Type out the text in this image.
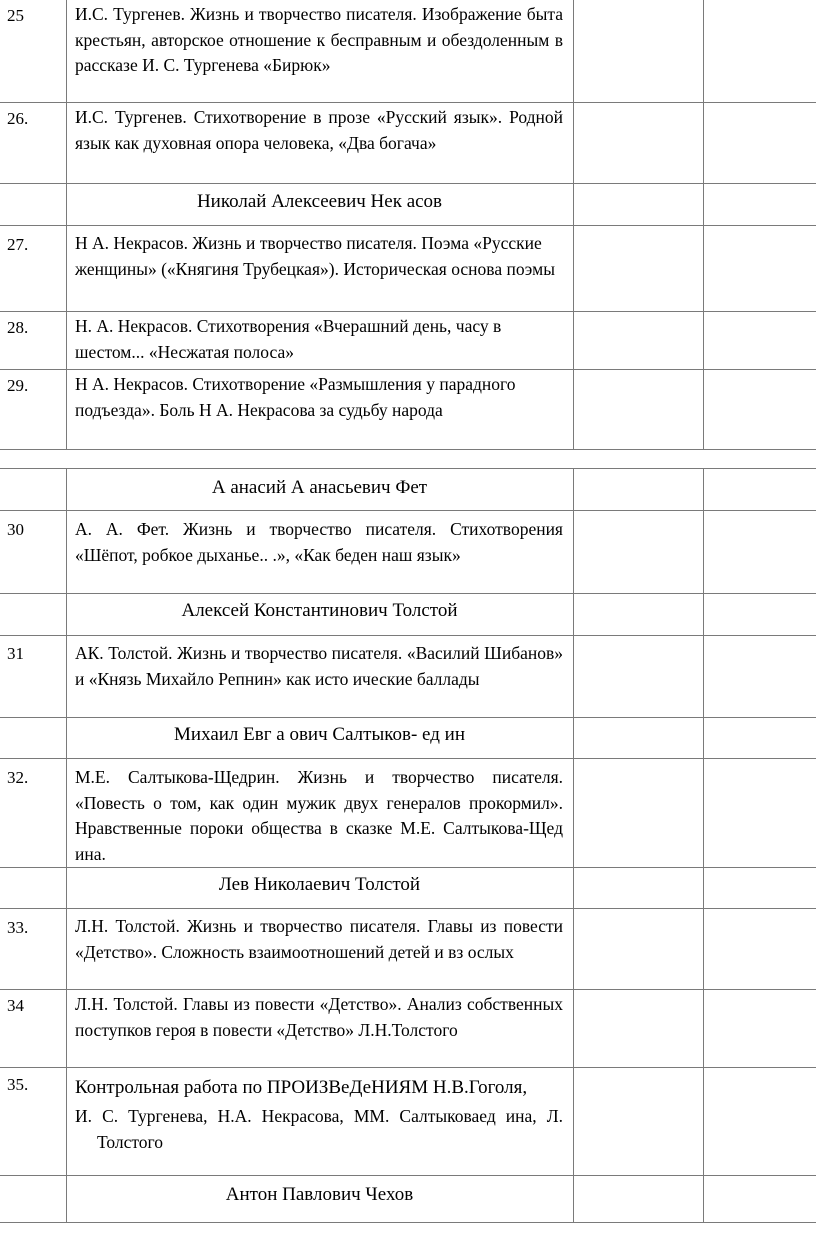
25	И.С. Тургенев. Жизнь и творчество писателя. Изображение быта крестьян, авторское отношение к бесправным и обездоленным в рассказе И. С. Тургенева «Бирюк»
26.	И.С. Тургенев. Стихотворение в прозе «Русский язык». Родной язык как духовная опора человека, «Два богача»
Николай Алексеевич Нек асов
27.	Н А. Некрасов. Жизнь и творчество писателя. Поэма «Русские женщины» («Княгиня Трубецкая»). Историческая основа поэмы
28.	Н. А. Некрасов. Стихотворения «Вчерашний день, часу в шестом... «Несжатая полоса»
29.	Н А. Некрасов. Стихотворение «Размышления у парадного подъезда». Боль Н А. Некрасова за судьбу народа
А анасий А анасьевич Фет
30	А. А. Фет. Жизнь и творчество писателя. Стихотворения «Шёпот, робкое дыханье.. .», «Как беден наш язык»
Алексей Константинович Толстой
31	АК. Толстой. Жизнь и творчество писателя. «Василий Шибанов» и «Князь Михайло Репнин» как исто ические баллады
Михаил Евг а ович Салтыков- ед ин
32.	М.Е. Салтыкова-Щедрин. Жизнь и творчество писателя. «Повесть о том, как один мужик двух генералов прокормил». Нравственные пороки общества в сказке М.Е. Салтыкова-Щед ина.
Лев Николаевич Толстой
33.	Л.Н. Толстой. Жизнь и творчество писателя. Главы из повести «Детство». Сложность взаимоотношений детей и вз ослых
34	Л.Н. Толстой. Главы из повести «Детство». Анализ собственных поступков героя в повести «Детство» Л.Н.Толстого
35.	Контрольная работа по ПРОИЗВеДеНИЯМ Н.В.Гоголя,
И. С. Тургенева, Н.А. Некрасова, ММ. Салтыковаед ина, Л. Толстого
Антон Павлович Чехов
